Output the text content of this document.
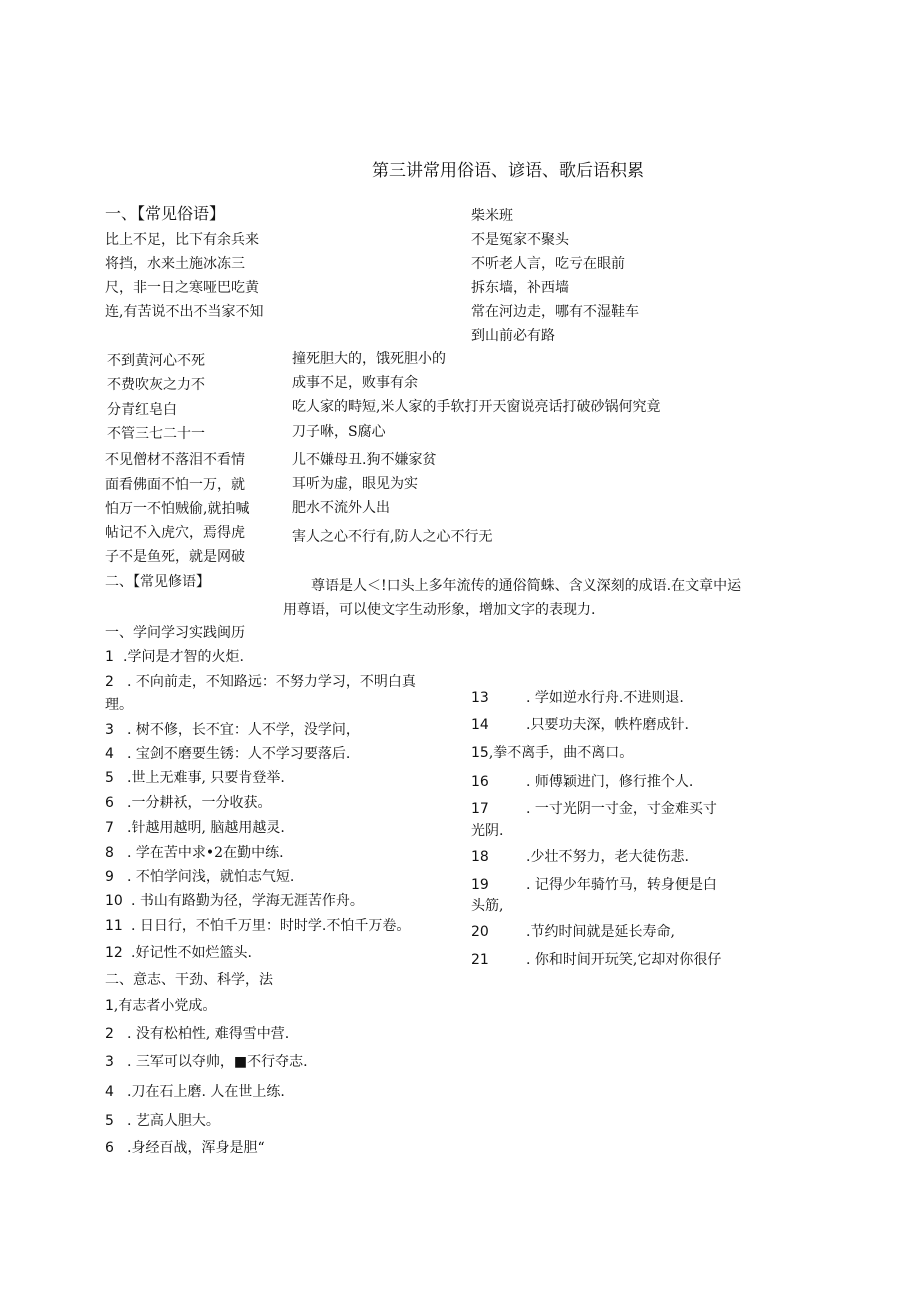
第三讲常用俗语、谚语、歌后语积累
一、【常见俗语】
比上不足，比下有余兵来
将挡，水来土施冰冻三
尺，非一日之寒哑巴吃黄
连,有苦说不出不当家不知
柴米班
不是冤家不聚头
不听老人言，吃亏在眼前
拆东墙，补西墙
常在河边走，哪有不湿鞋车
到山前必有路
不到黄河心不死
不费吹灰之力不
分青红皂白
不管三七二十一
不见僧材不落泪不看情
面看佛面不怕一万，就
怕万一不怕贼偷,就拍喊
帖记不入虎穴，焉得虎
子不是鱼死，就是网破
撞死胆大的，饿死胆小的
成事不足，败事有余
吃人家的畤短,米人家的手软打开天窗说亮话打破砂锅何究竟
刀子咻，S腐心
儿不嫌母丑.狗不嫌家贫
耳听为虚，眼见为实
肥水不流外人出
害人之心不行有,防人之心不行无
二、【常见修语】	尊语是人＜!口头上多年流传的通俗简蛛、含义深刻的成语.在文章中运
用尊语，可以使文字生动形象，增加文字的表现力.
一、学问学习实践闽历
1 .学问是才智的火炬.
2 . 不向前走，不知路远：不努力学习，不明白真
理。
3 . 树不修，长不宜：人不学，没学问，
4 . 宝剑不磨要生锈：人不学习要落后.
5 .世上无难事, 只要肯登举.
6 .一分耕袄，一分收获。
7 .针越用越明, 脑越用越灵.
8 . 学在苦中求•2在勤中练.
9 . 不怕学问浅，就怕志气短.
10 . 书山有路勤为径，学海无涯苦作舟。
11 . 日日行，不怕千万里：时时学.不怕千万卷。
12 .好记性不如烂篮头.
13	. 学如逆水行舟.不进则退.
14	.只要功夫深，帙杵磨成针.
15,拳不离手，曲不离口。
16	. 师傅颖进门，修行推个人.
17	. 一寸光阴一寸金，寸金难买寸
光阴.
18	.少壮不努力，老大徒伤悲.
19	. 记得少年骑竹马，转身便是白
头筋,
20	.节约时间就是延长寿命,
21	. 你和时间开玩笑,它却对你很仔
二、意志、干劲、科学，法
1,有志者小党成。
2 . 没有松柏性, 难得雪中营.
3 . 三军可以夺帅，■不行夺志.
4 .刀在石上磨. 人在世上练.
5 . 艺高人胆大。
6 .身经百战，浑身是胆“
